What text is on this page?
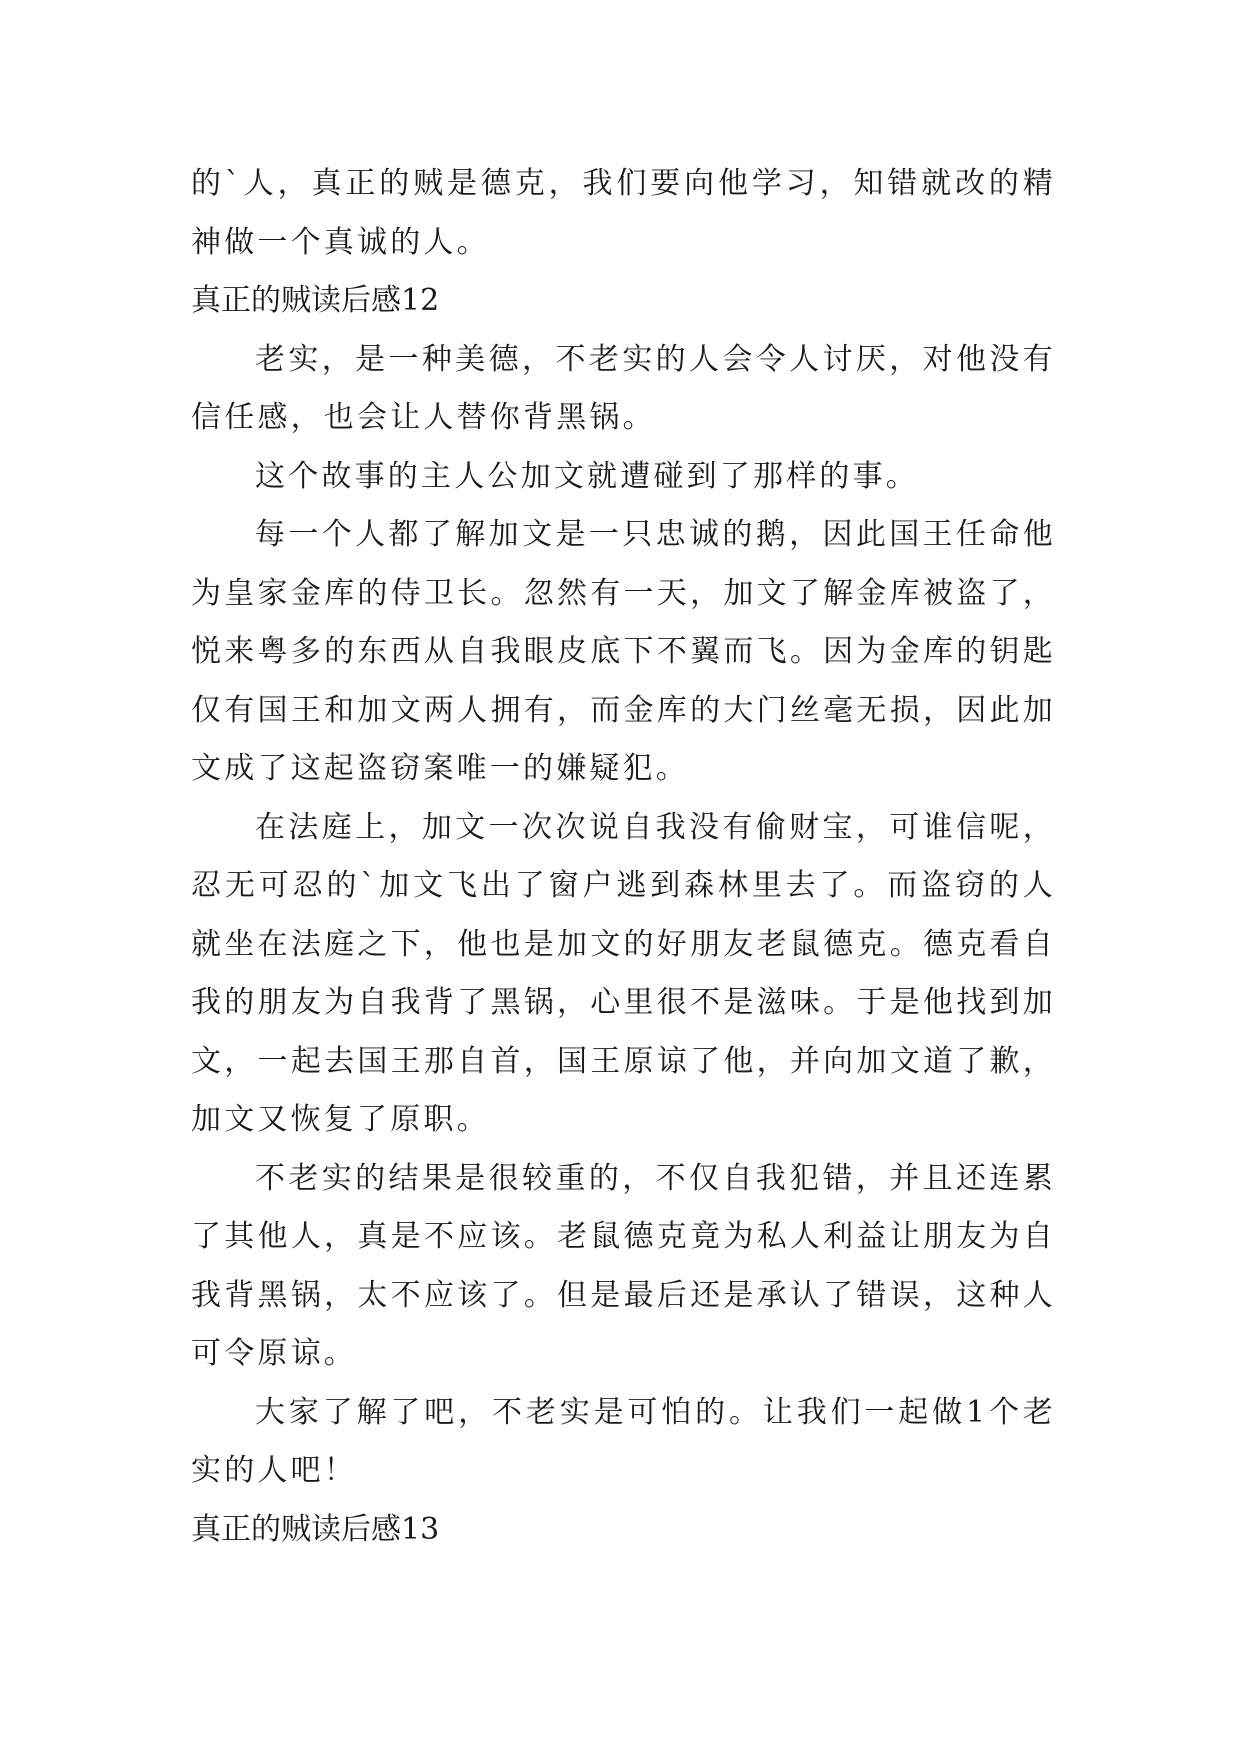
的`人，真正的贼是德克，我们要向他学习，知错就改的精神做一个真诚的人。

真正的贼读后感12

老实，是一种美德，不老实的人会令人讨厌，对他没有信任感，也会让人替你背黑锅。

这个故事的主人公加文就遭碰到了那样的事。

每一个人都了解加文是一只忠诚的鹅，因此国王任命他为皇家金库的侍卫长。忽然有一天，加文了解金库被盗了，悦来粤多的东西从自我眼皮底下不翼而飞。因为金库的钥匙仅有国王和加文两人拥有，而金库的大门丝毫无损，因此加文成了这起盗窃案唯一的嫌疑犯。

在法庭上，加文一次次说自我没有偷财宝，可谁信呢，忍无可忍的`加文飞出了窗户逃到森林里去了。而盗窃的人就坐在法庭之下，他也是加文的好朋友老鼠德克。德克看自我的朋友为自我背了黑锅，心里很不是滋味。于是他找到加文，一起去国王那自首，国王原谅了他，并向加文道了歉，加文又恢复了原职。

不老实的结果是很较重的，不仅自我犯错，并且还连累了其他人，真是不应该。老鼠德克竟为私人利益让朋友为自我背黑锅，太不应该了。但是最后还是承认了错误，这种人可令原谅。

大家了解了吧，不老实是可怕的。让我们一起做1个老实的人吧！

真正的贼读后感13
